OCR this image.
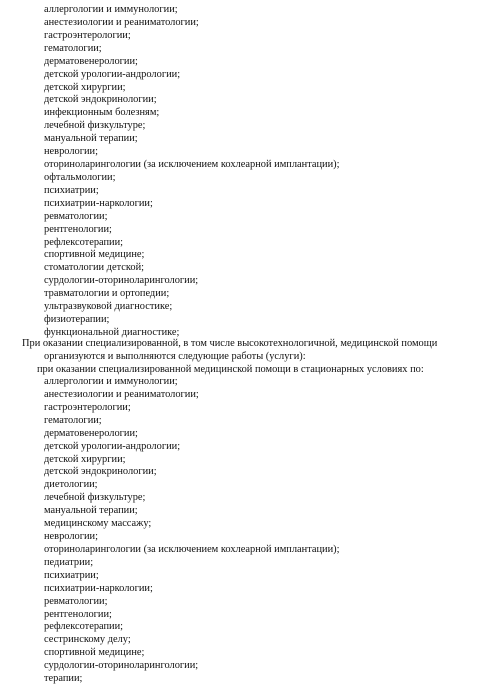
аллергологии и иммунологии;
анестезиологии и реаниматологии;
гастроэнтерологии;
гематологии;
дерматовенерологии;
детской урологии-андрологии;
детской хирургии;
детской эндокринологии;
инфекционным болезням;
лечебной физкультуре;
мануальной терапии;
неврологии;
оториноларингологии (за исключением кохлеарной имплантации);
офтальмологии;
психиатрии;
психиатрии-наркологии;
ревматологии;
рентгенологии;
рефлексотерапии;
спортивной медицине;
стоматологии детской;
сурдологии-оториноларингологии;
травматологии и ортопедии;
ультразвуковой диагностике;
физиотерапии;
функциональной диагностике;
При оказании специализированной, в том числе высокотехнологичной, медицинской помощи
организуются и выполняются следующие работы (услуги):
при оказании специализированной медицинской помощи в стационарных условиях по:
аллергологии и иммунологии;
анестезиологии и реаниматологии;
гастроэнтерологии;
гематологии;
дерматовенерологии;
детской урологии-андрологии;
детской хирургии;
детской эндокринологии;
диетологии;
лечебной физкультуре;
мануальной терапии;
медицинскому массажу;
неврологии;
оториноларингологии (за исключением кохлеарной имплантации);
педиатрии;
психиатрии;
психиатрии-наркологии;
ревматологии;
рентгенологии;
рефлексотерапии;
сестринскому делу;
спортивной медицине;
сурдологии-оториноларингологии;
терапии;
